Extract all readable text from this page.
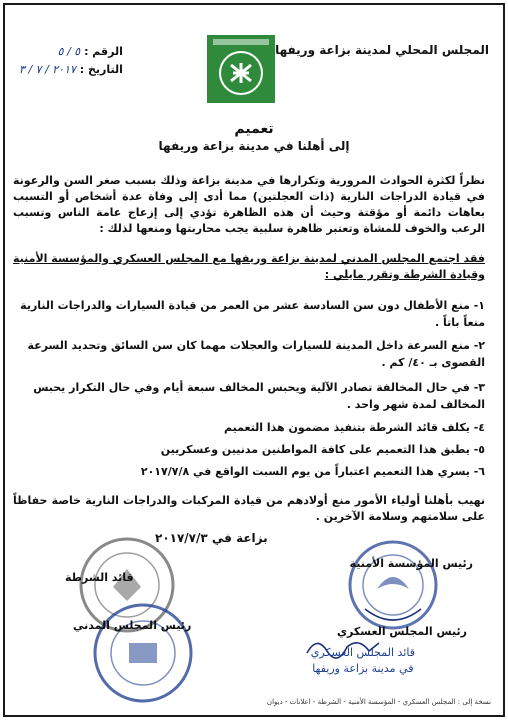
المجلس المحلي لمدينة بزاعة وريفها
الرقم : ٥ / ٥
التاريخ : ٢٠١٧ / ٧ / ٣
تعميم
إلى أهلنا في مدينة بزاعة وريفها
نظراً لكثرة الحوادث المرورية وتكرارها في مدينة بزاعة وذلك بسبب صغر السن والرعونة في قيادة الدراجات النارية (ذات العجلتين) مما أدى إلى وفاة عدة أشخاص أو التسبب بعاهات دائمة أو مؤقتة وحيث أن هذه الظاهرة تؤدي إلى إزعاج عامة الناس وتسبب الرعب والخوف للمشاة وتعتبر ظاهرة سلبية يجب محاربتها ومنعها لذلك :
فقد اجتمع المجلس المدني لمدينة بزاعة وريفها مع المجلس العسكري والمؤسسة الأمنية وقيادة الشرطة وتقرر مايلي :
١- منع الأطفال دون سن السادسة عشر من العمر من قيادة السيارات والدراجات النارية منعاً باتاً .
٢- منع السرعة داخل المدينة للسيارات والعجلات مهما كان سن السائق وتحديد السرعة القصوى بـ ٤٠/ كم .
٣- في حال المخالفة تصادر الآلية ويحبس المخالف سبعة أيام وفي حال التكرار يحبس المخالف لمدة شهر واحد .
٤- يكلف قائد الشرطة بتنفيذ مضمون هذا التعميم
٥- يطبق هذا التعميم على كافة المواطنين مدنيين وعسكريين
٦- يسري هذا التعميم اعتباراً من يوم السبت الواقع في ٢٠١٧/٧/٨
نهيب بأهلنا أولياء الأمور منع أولادهم من قيادة المركبات والدراجات النارية خاصة حفاظاً على سلامتهم وسلامة الآخرين .
بزاعة في ٢٠١٧/٧/٣
رئيس المؤسسة الأمنية
قائد الشرطة
رئيس المجلس العسكري
رئيس المجلس المدني
قائد المجلس العسكري
في مدينة بزاعة وريفها
نسخة إلى : المجلس العسكري - المؤسسة الأمنية - الشرطة - اعلانات - ديوان
